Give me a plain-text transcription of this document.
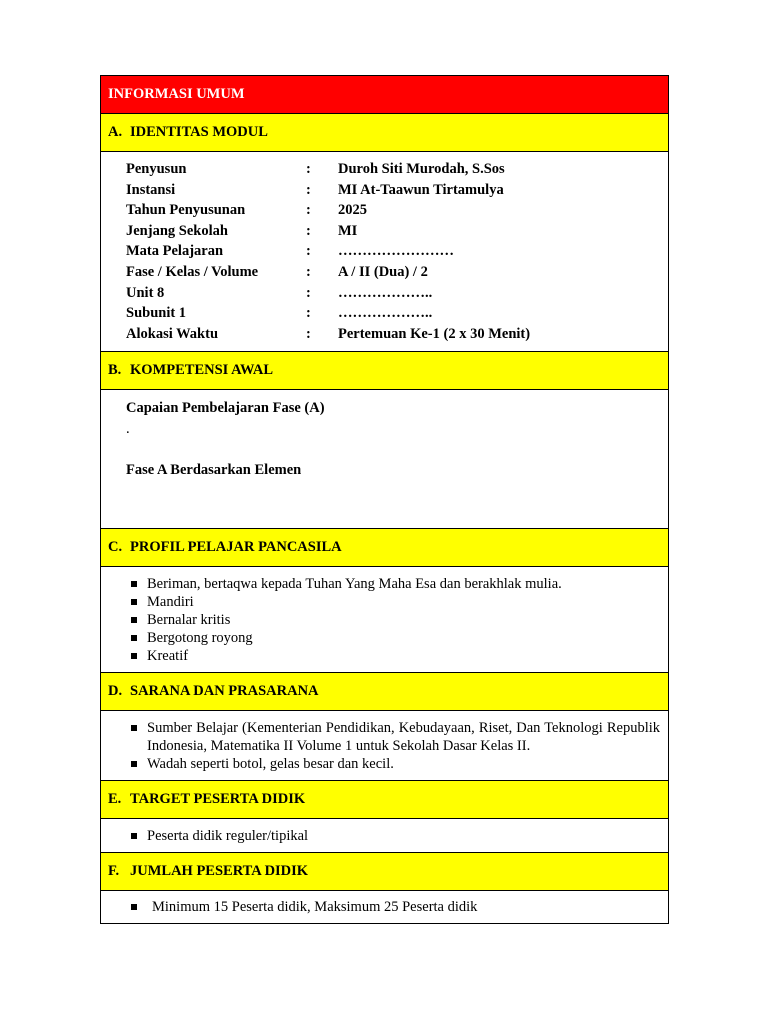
INFORMASI UMUM
A. IDENTITAS MODUL
Penyusun	:	Duroh Siti Murodah, S.Sos
Instansi	:	MI At-Taawun Tirtamulya
Tahun Penyusunan	:	2025
Jenjang Sekolah	:	MI
Mata Pelajaran	:	……………………
Fase / Kelas / Volume	:	A / II (Dua) / 2
Unit 8	:	………………..
Subunit 1	:	………………..
Alokasi Waktu	:	Pertemuan Ke-1 (2 x 30 Menit)
B. KOMPETENSI AWAL
Capaian Pembelajaran Fase (A)
.
Fase A Berdasarkan Elemen
C. PROFIL PELAJAR PANCASILA
Beriman, bertaqwa kepada Tuhan Yang Maha Esa dan berakhlak mulia.
Mandiri
Bernalar kritis
Bergotong royong
Kreatif
D. SARANA DAN PRASARANA
Sumber Belajar (Kementerian Pendidikan, Kebudayaan, Riset, Dan Teknologi Republik Indonesia, Matematika II Volume 1 untuk Sekolah Dasar Kelas II.
Wadah seperti botol, gelas besar dan kecil.
E. TARGET PESERTA DIDIK
Peserta didik reguler/tipikal
F. JUMLAH PESERTA DIDIK
Minimum 15 Peserta didik, Maksimum 25 Peserta didik
